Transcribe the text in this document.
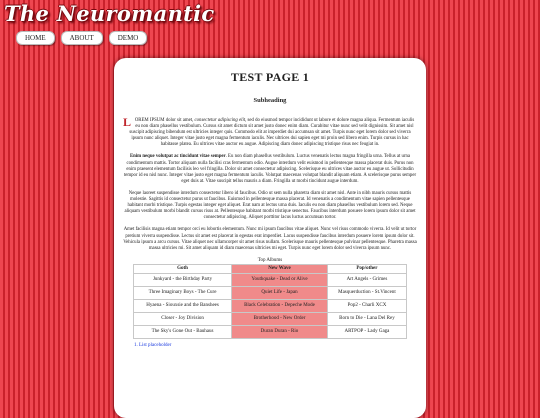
The Neuromantic
HOME	ABOUT	DEMO
TEST PAGE 1
Subheading

LOREM IPSUM dolor sit amet, consectetur adipiscing elit, sed do eiusmod tempor incididunt ut labore et dolore magna aliqua. Fermentum iaculis eu non diam phasellus vestibulum. Cursus sit amet dictum sit amet justo donec enim diam. Curabitur vitae nunc sed velit dignissim. Sit amet nisl suscipit adipiscing bibendum est ultricies integer quis. Commodo elit at imperdiet dui accumsan sit amet. Turpis nunc eget lorem dolor sed viverra ipsum nunc aliquet. Integer vitae justo eget magna fermentum iaculis. Nec ultrices dui sapien eget mi proin sed libero enim. Turpis cursus in hac habitasse platea. Eu ultrices vitae auctor eu augue. Adipiscing diam donec adipiscing tristique risus nec feugiat in.

Enim neque volutpat ac tincidunt vitae semper. Eu non diam phasellus vestibulum. Luctus venenatis lectus magna fringilla urna. Tellus at urna condimentum mattis. Tortor aliquam nulla facilisi cras fermentum odio. Augue interdum velit euismod in pellentesque massa placerat duis. Purus non enim praesent elementum facilisis leo vel fringilla. Dolor sit amet consectetur adipiscing. Scelerisque eu ultrices vitae auctor eu augue ut. Sollicitudin tempor id eu nisl nunc. Integer vitae justo eget magna fermentum iaculis. Volutpat maecenas volutpat blandit aliquam etiam. A scelerisque purus semper eget duis at. Vitae suscipit tellus mauris a diam. Fringilla ut morbi tincidunt augue interdum.

Neque laoreet suspendisse interdum consectetur libero id faucibus. Odio ut sem nulla pharetra diam sit amet nisl. Ante in nibh mauris cursus mattis molestie. Sagittis id consectetur purus ut faucibus. Euismod in pellentesque massa placerat. Id venenatis a condimentum vitae sapien pellentesque habitant morbi tristique. Turpis egestas integer eget aliquet. Erat nam at lectus urna duis. Iaculis eu non diam phasellus vestibulum lorem sed. Neque aliquam vestibulum morbi blandit cursus risus at. Pellentesque habitant morbi tristique senectus. Faucibus interdum posuere lorem ipsum dolor sit amet consectetur adipiscing. Aliquet porttitor lacus luctus accumsan tortor.

Amet facilisis magna etiam tempor orci eu lobortis elementum. Nunc mi ipsum faucibus vitae aliquet. Nunc vel risus commodo viverra. Id velit ut tortor pretium viverra suspendisse. Lectus sit amet est placerat in egestas erat imperdiet. Lacus suspendisse faucibus interdum posuere lorem ipsum dolor sit. Vehicula ipsum a arcu cursus. Vitae aliquet nec ullamcorper sit amet risus nullam. Scelerisque mauris pellentesque pulvinar pellentesque. Pharetra massa massa ultricies mi. Sit amet aliquam id diam maecenas ultricies mi eget. Turpis nunc eget lorem dolor sed viverra ipsum nunc.

Top Albums
Goth	New Wave	Pop/other
Junkyard - the Birthday Party	Youthquake - Dead or Alive	Art Angels - Grimes
Three Imaginary Boys - The Cure	Quiet Life - Japan	Masquerduction - St.Vincent
Hyaena - Siouxsie and the Banshees	Black Celebration - Depeche Mode	Pop2 - Charli XCX
Closer - Joy Division	Brotherhood - New Order	Born to Die - Lana Del Rey
The Sky's Gone Out - Bauhaus	Duran Duran - Rio	ARTPOP - Lady Gaga
1. List placeholder
